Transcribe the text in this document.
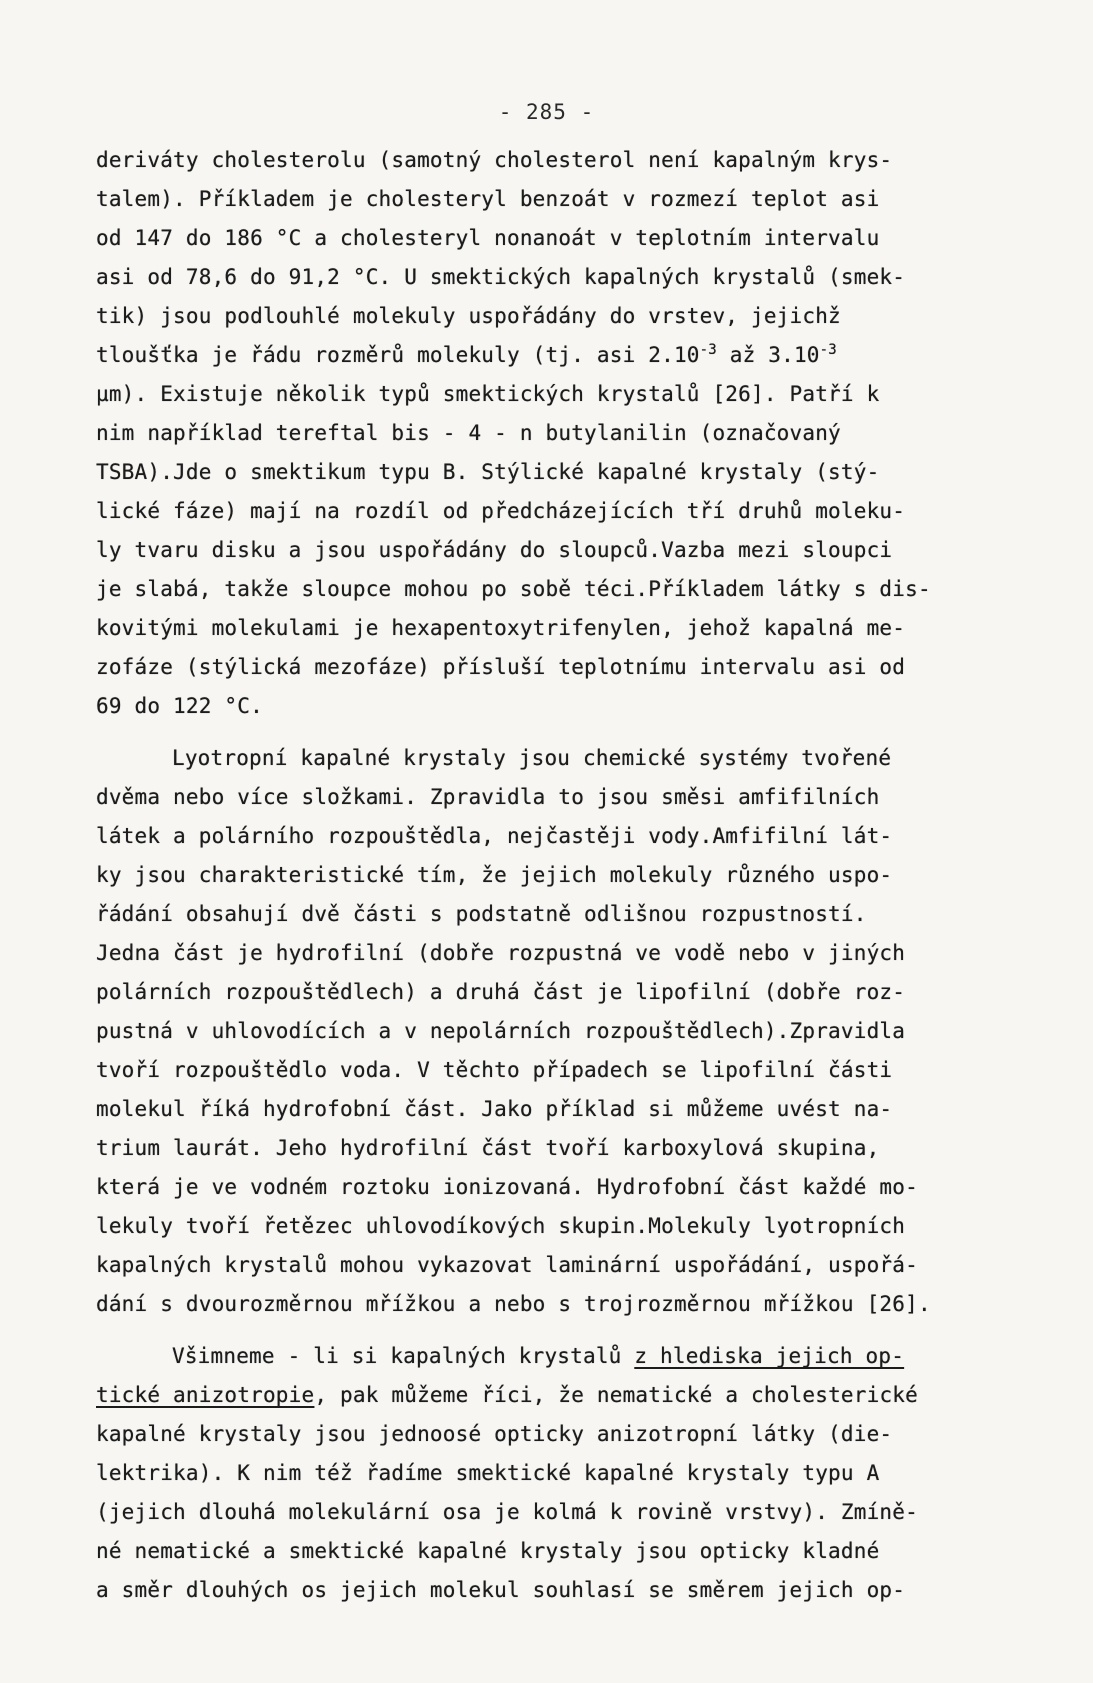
- 285 -
deriváty cholesterolu (samotný cholesterol není kapalným krys-
talem). Příkladem je cholesteryl benzoát v rozmezí teplot asi
od 147 do 186 °C a cholesteryl nonanoát v teplotním intervalu
asi od 78,6 do 91,2 °C. U smektických kapalných krystalů (smek-
tik) jsou podlouhlé molekuly uspořádány do vrstev, jejichž
tloušťka je řádu rozměrů molekuly (tj. asi $2.10^{-3}$ až $3.10^{-3}$
µm). Existuje několik typů smektických krystalů [26]. Patří k
nim například tereftal bis - 4 - n butylanilin (označovaný
TSBA).Jde o smektikum typu B. Stýlické kapalné krystaly (stý-
lické fáze) mají na rozdíl od předcházejících tří druhů moleku-
ly tvaru disku a jsou uspořádány do sloupců.Vazba mezi sloupci
je slabá, takže sloupce mohou po sobě téci.Příkladem látky s dis-
kovitými molekulami je hexapentoxytrifenylen, jehož kapalná me-
zofáze (stýlická mezofáze) přísluší teplotnímu intervalu asi od
69 do 122 °C.
Lyotropní kapalné krystaly jsou chemické systémy tvořené
dvěma nebo více složkami. Zpravidla to jsou směsi amfifilních
látek a polárního rozpouštědla, nejčastěji vody.Amfifilní lát-
ky jsou charakteristické tím, že jejich molekuly různého uspo-
řádání obsahují dvě části s podstatně odlišnou rozpustností.
Jedna část je hydrofilní (dobře rozpustná ve vodě nebo v jiných
polárních rozpouštědlech) a druhá část je lipofilní (dobře roz-
pustná v uhlovodících a v nepolárních rozpouštědlech).Zpravidla
tvoří rozpouštědlo voda. V těchto případech se lipofilní části
molekul říká hydrofobní část. Jako příklad si můžeme uvést na-
trium laurát. Jeho hydrofilní část tvoří karboxylová skupina,
která je ve vodném roztoku ionizovaná. Hydrofobní část každé mo-
lekuly tvoří řetězec uhlovodíkových skupin.Molekuly lyotropních
kapalných krystalů mohou vykazovat laminární uspořádání, uspořá-
dání s dvourozměrnou mřížkou a nebo s trojrozměrnou mřížkou [26].
Všimneme - li si kapalných krystalů z hlediska jejich op-
tické anizotropie, pak můžeme říci, že nematické a cholesterické
kapalné krystaly jsou jednoosé opticky anizotropní látky (die-
lektrika). K nim též řadíme smektické kapalné krystaly typu A
(jejich dlouhá molekulární osa je kolmá k rovině vrstvy). Zmíně-
né nematické a smektické kapalné krystaly jsou opticky kladné
a směr dlouhých os jejich molekul souhlasí se směrem jejich op-
